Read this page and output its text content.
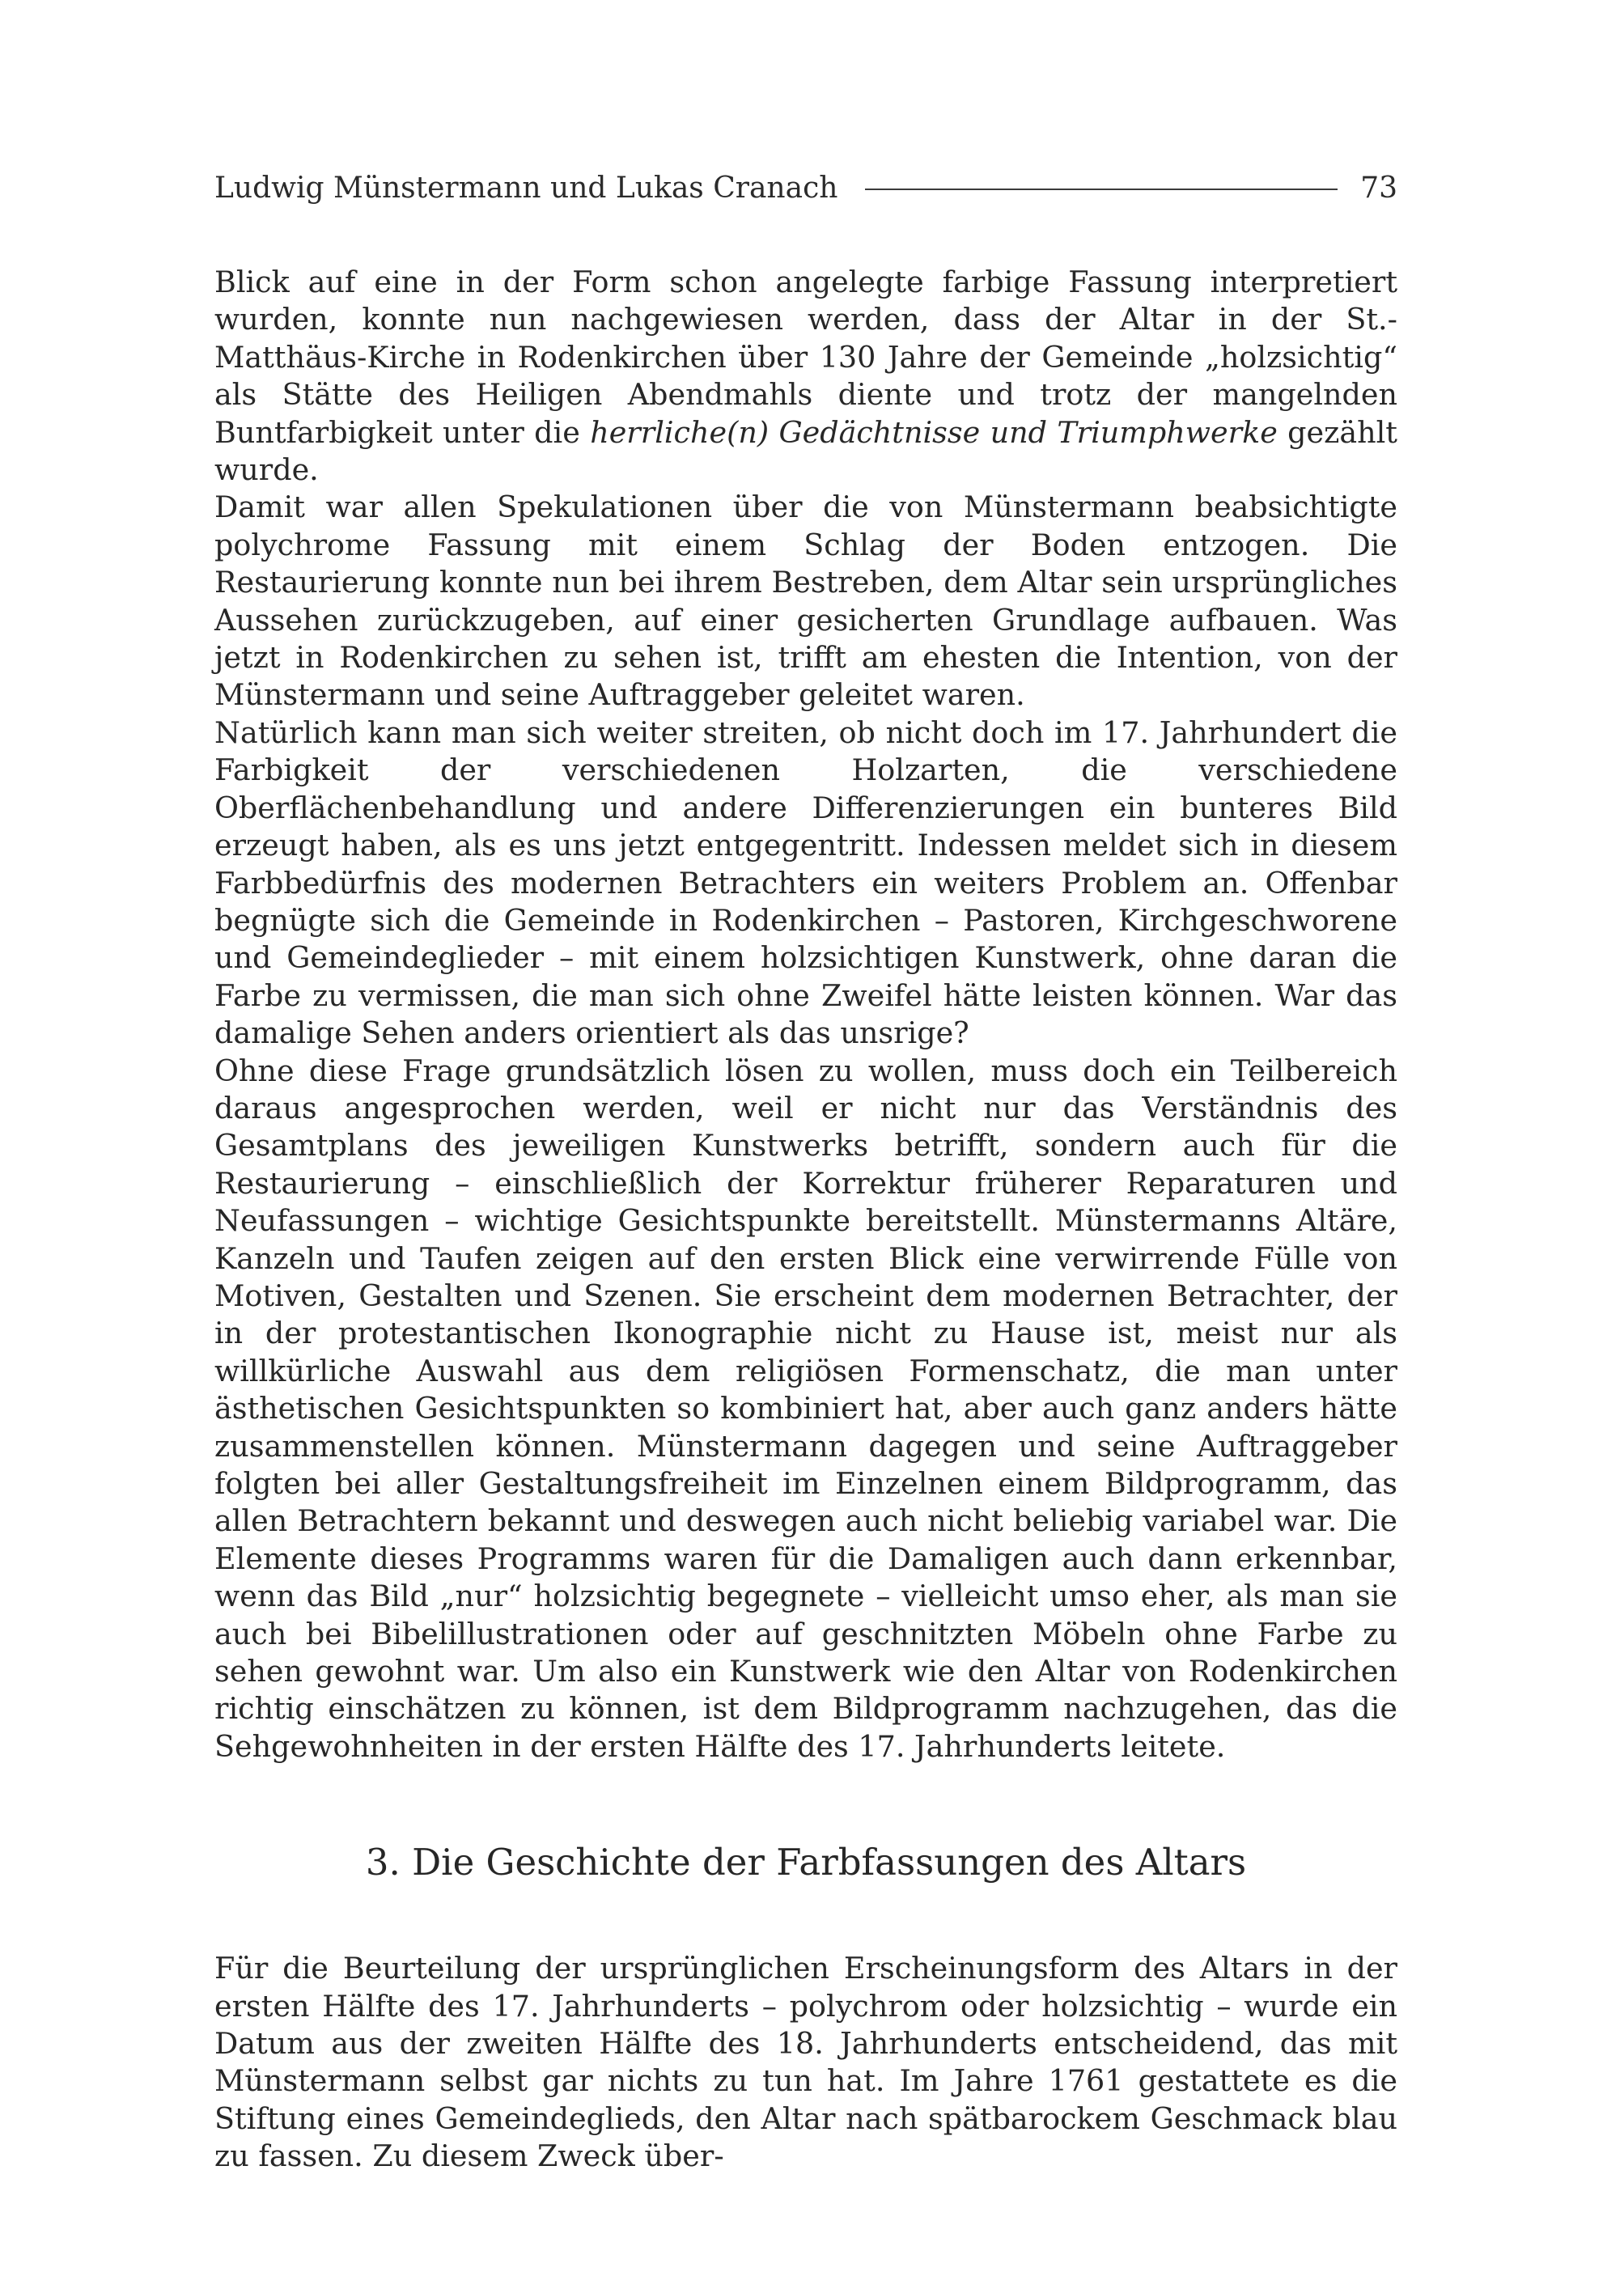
Ludwig Münstermann und Lukas Cranach	73

Blick auf eine in der Form schon angelegte farbige Fassung interpretiert wurden, konnte nun nachgewiesen werden, dass der Altar in der St.-Matthäus-Kirche in Rodenkirchen über 130 Jahre der Gemeinde „holzsichtig“ als Stätte des Heiligen Abendmahls diente und trotz der mangelnden Buntfarbigkeit unter die herrliche(n) Gedächtnisse und Triumphwerke gezählt wurde.

Damit war allen Spekulationen über die von Münstermann beabsichtigte polychrome Fassung mit einem Schlag der Boden entzogen. Die Restaurierung konnte nun bei ihrem Bestreben, dem Altar sein ursprüngliches Aussehen zurückzugeben, auf einer gesicherten Grundlage aufbauen. Was jetzt in Rodenkirchen zu sehen ist, trifft am ehesten die Intention, von der Münstermann und seine Auftraggeber geleitet waren.

Natürlich kann man sich weiter streiten, ob nicht doch im 17. Jahrhundert die Farbigkeit der verschiedenen Holzarten, die verschiedene Oberflächenbehandlung und andere Differenzierungen ein bunteres Bild erzeugt haben, als es uns jetzt entgegentritt. Indessen meldet sich in diesem Farbbedürfnis des modernen Betrachters ein weiters Problem an. Offenbar begnügte sich die Gemeinde in Rodenkirchen – Pastoren, Kirchgeschworene und Gemeindeglieder – mit einem holzsichtigen Kunstwerk, ohne daran die Farbe zu vermissen, die man sich ohne Zweifel hätte leisten können. War das damalige Sehen anders orientiert als das unsrige?

Ohne diese Frage grundsätzlich lösen zu wollen, muss doch ein Teilbereich daraus angesprochen werden, weil er nicht nur das Verständnis des Gesamtplans des jeweiligen Kunstwerks betrifft, sondern auch für die Restaurierung – einschließlich der Korrektur früherer Reparaturen und Neufassungen – wichtige Gesichtspunkte bereitstellt. Münstermanns Altäre, Kanzeln und Taufen zeigen auf den ersten Blick eine verwirrende Fülle von Motiven, Gestalten und Szenen. Sie erscheint dem modernen Betrachter, der in der protestantischen Ikonographie nicht zu Hause ist, meist nur als willkürliche Auswahl aus dem religiösen Formenschatz, die man unter ästhetischen Gesichtspunkten so kombiniert hat, aber auch ganz anders hätte zusammenstellen können. Münstermann dagegen und seine Auftraggeber folgten bei aller Gestaltungsfreiheit im Einzelnen einem Bildprogramm, das allen Betrachtern bekannt und deswegen auch nicht beliebig variabel war. Die Elemente dieses Programms waren für die Damaligen auch dann erkennbar, wenn das Bild „nur“ holzsichtig begegnete – vielleicht umso eher, als man sie auch bei Bibelillustrationen oder auf geschnitzten Möbeln ohne Farbe zu sehen gewohnt war. Um also ein Kunstwerk wie den Altar von Rodenkirchen richtig einschätzen zu können, ist dem Bildprogramm nachzugehen, das die Sehgewohnheiten in der ersten Hälfte des 17. Jahrhunderts leitete.

3. Die Geschichte der Farbfassungen des Altars

Für die Beurteilung der ursprünglichen Erscheinungsform des Altars in der ersten Hälfte des 17. Jahrhunderts – polychrom oder holzsichtig – wurde ein Datum aus der zweiten Hälfte des 18. Jahrhunderts entscheidend, das mit Münstermann selbst gar nichts zu tun hat. Im Jahre 1761 gestattete es die Stiftung eines Gemeindeglieds, den Altar nach spätbarockem Geschmack blau zu fassen. Zu diesem Zweck über-
